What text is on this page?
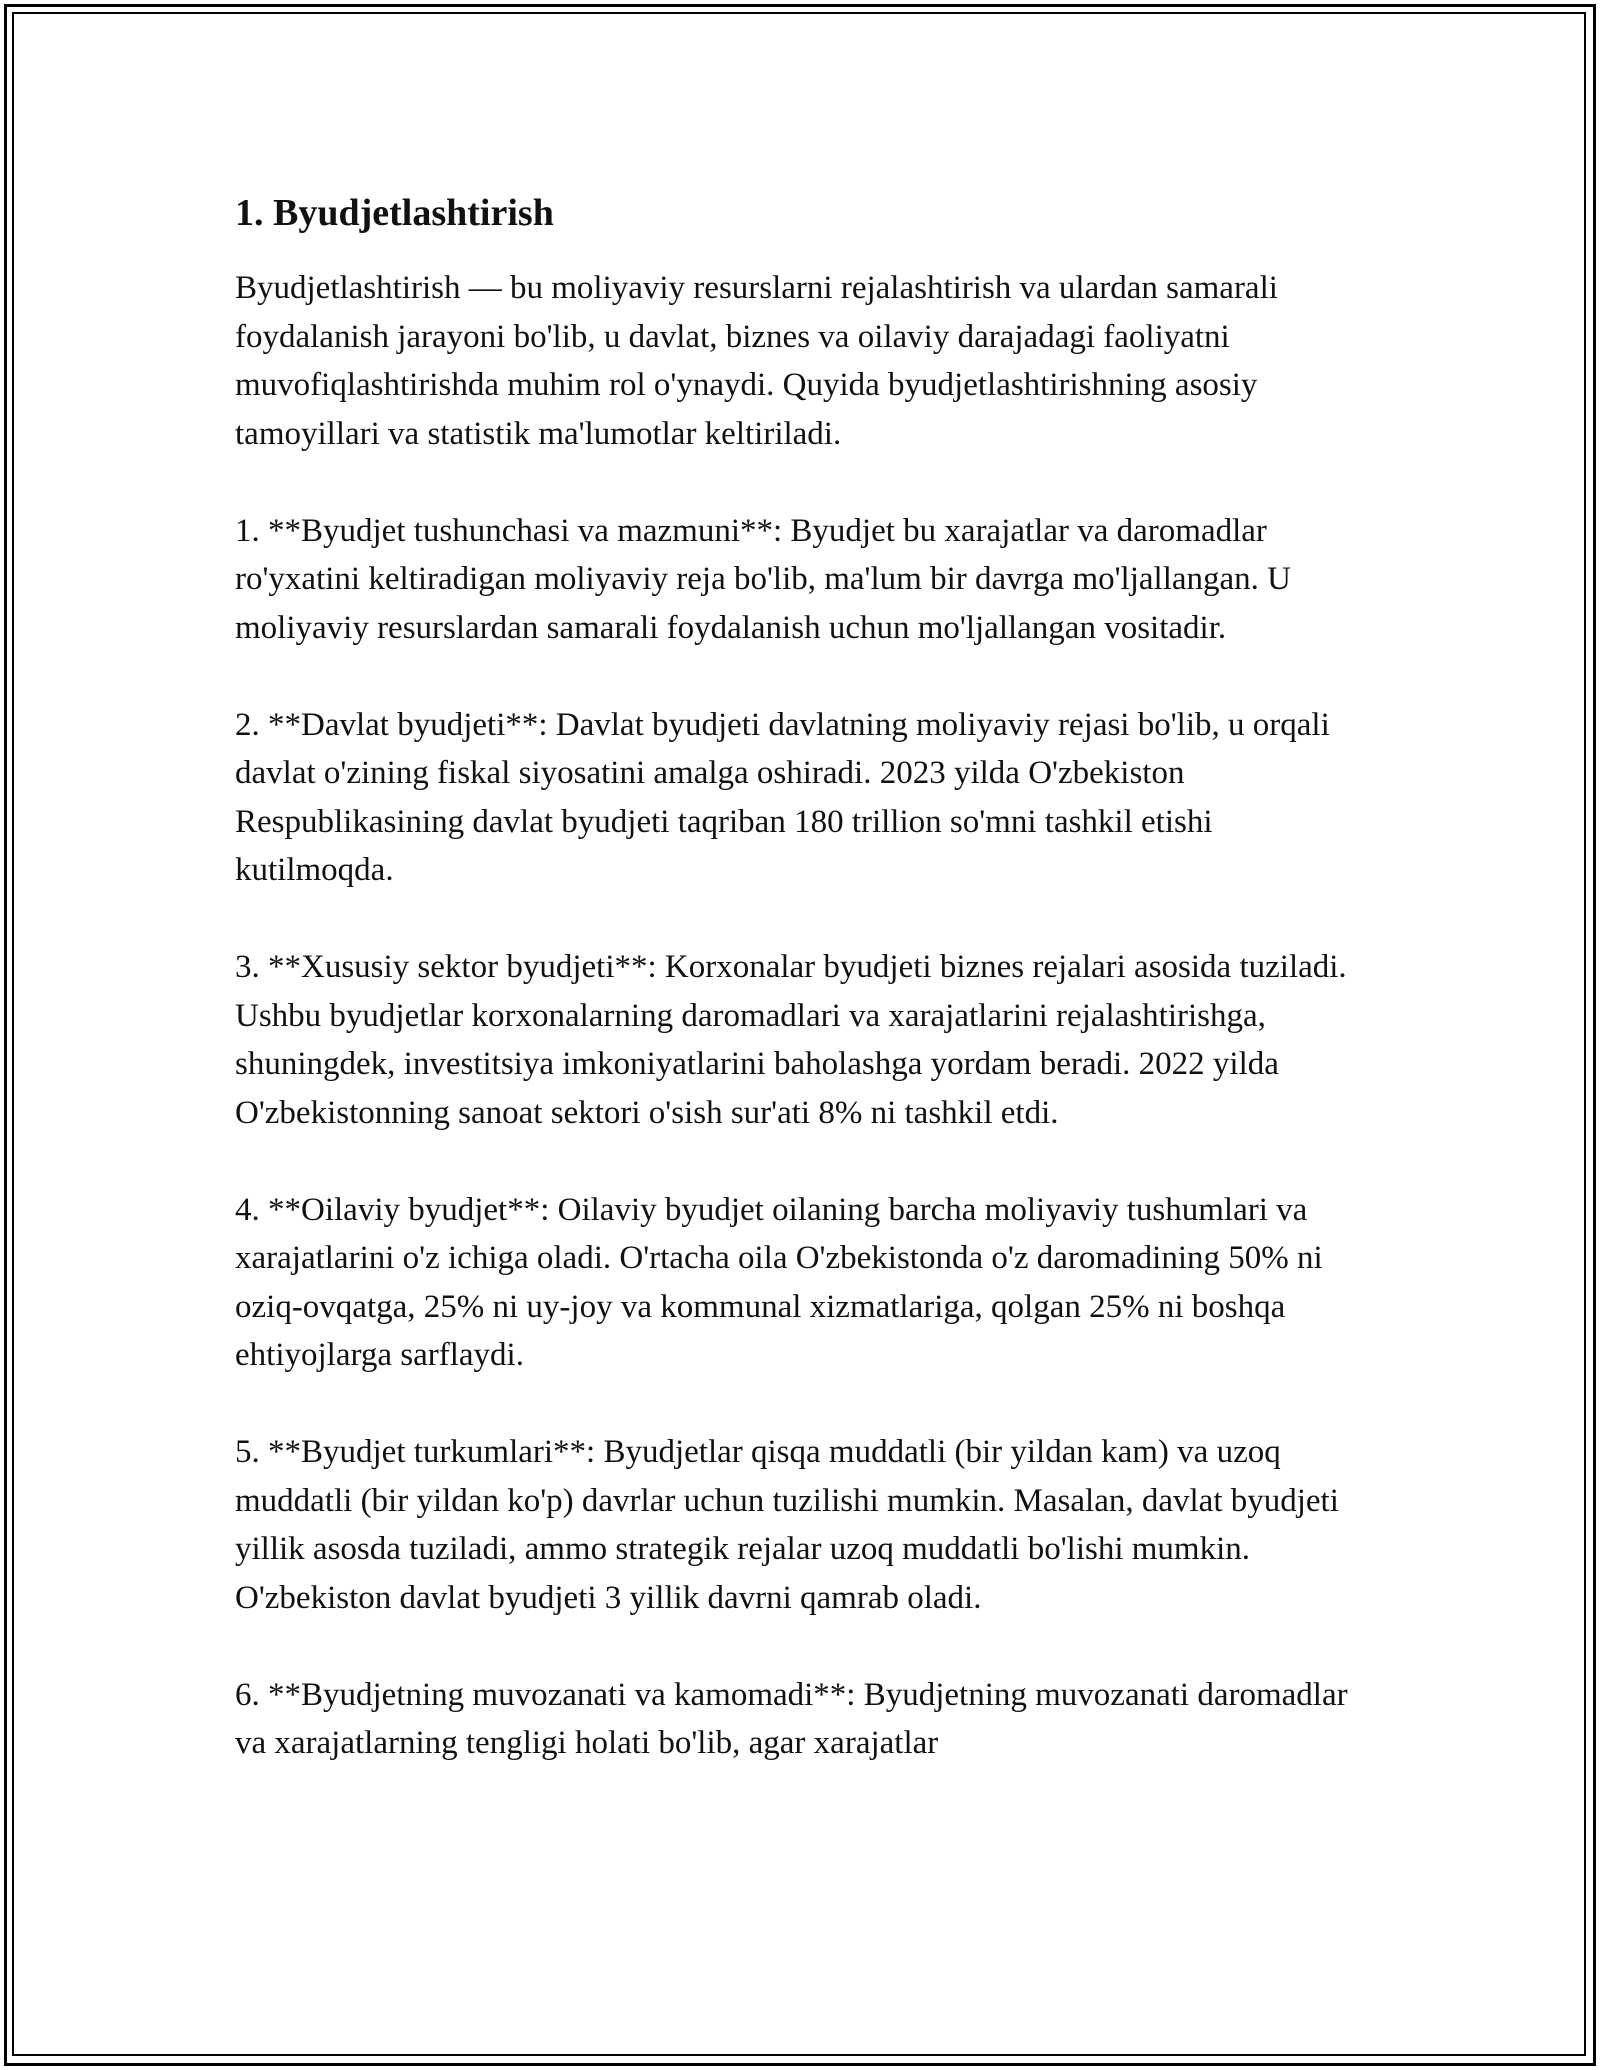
1. Byudjetlashtirish

Byudjetlashtirish — bu moliyaviy resurslarni rejalashtirish va ulardan samarali foydalanish jarayoni bo'lib, u davlat, biznes va oilaviy darajadagi faoliyatni muvofiqlashtirishda muhim rol o'ynaydi. Quyida byudjetlashtirishning asosiy tamoyillari va statistik ma'lumotlar keltiriladi.

1. **Byudjet tushunchasi va mazmuni**: Byudjet bu xarajatlar va daromadlar ro'yxatini keltiradigan moliyaviy reja bo'lib, ma'lum bir davrga mo'ljallangan. U moliyaviy resurslardan samarali foydalanish uchun mo'ljallangan vositadir.

2. **Davlat byudjeti**: Davlat byudjeti davlatning moliyaviy rejasi bo'lib, u orqali davlat o'zining fiskal siyosatini amalga oshiradi. 2023 yilda O'zbekiston Respublikasining davlat byudjeti taqriban 180 trillion so'mni tashkil etishi kutilmoqda.

3. **Xususiy sektor byudjeti**: Korxonalar byudjeti biznes rejalari asosida tuziladi. Ushbu byudjetlar korxonalarning daromadlari va xarajatlarini rejalashtirishga, shuningdek, investitsiya imkoniyatlarini baholashga yordam beradi. 2022 yilda O'zbekistonning sanoat sektori o'sish sur'ati 8% ni tashkil etdi.

4. **Oilaviy byudjet**: Oilaviy byudjet oilaning barcha moliyaviy tushumlari va xarajatlarini o'z ichiga oladi. O'rtacha oila O'zbekistonda o'z daromadining 50% ni oziq-ovqatga, 25% ni uy-joy va kommunal xizmatlariga, qolgan 25% ni boshqa ehtiyojlarga sarflaydi.

5. **Byudjet turkumlari**: Byudjetlar qisqa muddatli (bir yildan kam) va uzoq muddatli (bir yildan ko'p) davrlar uchun tuzilishi mumkin. Masalan, davlat byudjeti yillik asosda tuziladi, ammo strategik rejalar uzoq muddatli bo'lishi mumkin. O'zbekiston davlat byudjeti 3 yillik davrni qamrab oladi.

6. **Byudjetning muvozanati va kamomadi**: Byudjetning muvozanati daromadlar va xarajatlarning tengligi holati bo'lib, agar xarajatlar
